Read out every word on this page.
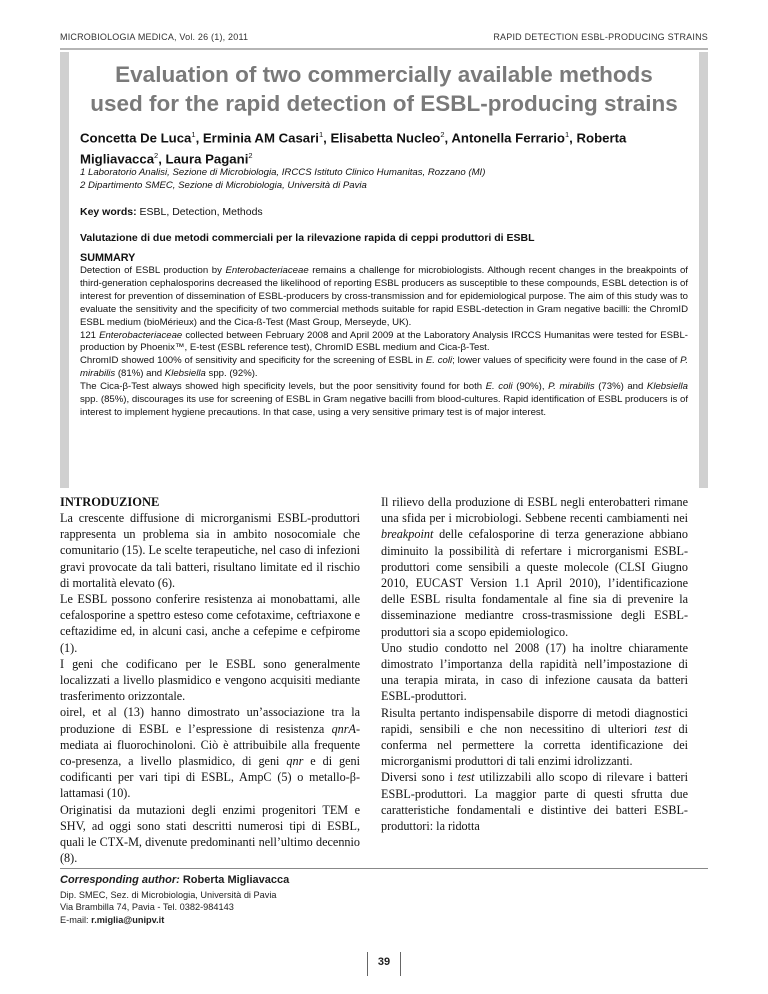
MICROBIOLOGIA MEDICA, Vol. 26 (1), 2011	RAPID DETECTION ESBL-PRODUCING STRAINS
Evaluation of two commercially available methods
used for the rapid detection of ESBL-producing strains
Concetta De Luca$^1$, Erminia AM Casari$^1$, Elisabetta Nucleo$^2$, Antonella Ferrario$^1$, Roberta Migliavacca$^2$, Laura Pagani$^2$
1 Laboratorio Analisi, Sezione di Microbiologia, IRCCS Istituto Clinico Humanitas, Rozzano (MI)
2 Dipartimento SMEC, Sezione di Microbiologia, Università di Pavia
Key words: ESBL, Detection, Methods
Valutazione di due metodi commerciali per la rilevazione rapida di ceppi produttori di ESBL
SUMMARY

Detection of ESBL production by Enterobacteriaceae remains a challenge for microbiologists. Although recent changes in the breakpoints of third-generation cephalosporins decreased the likelihood of reporting ESBL producers as susceptible to these compounds, ESBL detection is of interest for prevention of dissemination of ESBL-producers by cross-transmission and for epidemiological purpose. The aim of this study was to evaluate the sensitivity and the specificity of two commercial methods suitable for rapid ESBL-detection in Gram negative bacilli: the ChromID ESBL medium (bioMérieux) and the Cica-ß-Test (Mast Group, Merseyde, UK).

121 Enterobacteriaceae collected between February 2008 and April 2009 at the Laboratory Analysis IRCCS Humanitas were tested for ESBL-production by Phoenix™, E-test (ESBL reference test), ChromID ESBL medium and Cica-β-Test.

ChromID showed 100% of sensitivity and specificity for the screening of ESBL in E. coli; lower values of specificity were found in the case of P. mirabilis (81%) and Klebsiella spp. (92%).

The Cica-β-Test always showed high specificity levels, but the poor sensitivity found for both E. coli (90%), P. mirabilis (73%) and Klebsiella spp. (85%), discourages its use for screening of ESBL in Gram negative bacilli from blood-cultures. Rapid identification of ESBL producers is of interest to implement hygiene precautions. In that case, using a very sensitive primary test is of major interest.

INTRODUZIONE

La crescente diffusione di microrganismi ESBL-produttori rappresenta un problema sia in ambito nosocomiale che comunitario (15). Le scelte terapeutiche, nel caso di infezioni gravi provocate da tali batteri, risultano limitate ed il rischio di mortalità elevato (6).

Le ESBL possono conferire resistenza ai monobattami, alle cefalosporine a spettro esteso come cefotaxime, ceftriaxone e ceftazidime ed, in alcuni casi, anche a cefepime e cefpirome (1).

I geni che codificano per le ESBL sono generalmente localizzati a livello plasmidico e vengono acquisiti mediante trasferimento orizzontale.

oirel, et al (13) hanno dimostrato un’associazione tra la produzione di ESBL e l’espressione di resistenza qnrA-mediata ai fluorochinoloni. Ciò è attribuibile alla frequente co-presenza, a livello plasmidico, di geni qnr e di geni codificanti per vari tipi di ESBL, AmpC (5) o metallo-β-lattamasi (10).

Originatisi da mutazioni degli enzimi progenitori TEM e SHV, ad oggi sono stati descritti numerosi tipi di ESBL, quali le CTX-M, divenute predominanti nell’ultimo decennio (8).

Il rilievo della produzione di ESBL negli enterobatteri rimane una sfida per i microbiologi. Sebbene recenti cambiamenti nei breakpoint delle cefalosporine di terza generazione abbiano diminuito la possibilità di refertare i microrganismi ESBL-produttori come sensibili a queste molecole (CLSI Giugno 2010, EUCAST Version 1.1 April 2010), l’identificazione delle ESBL risulta fondamentale al fine sia di prevenire la disseminazione mediantre cross-trasmissione degli ESBL-produttori sia a scopo epidemiologico.

Uno studio condotto nel 2008 (17) ha inoltre chiaramente dimostrato l’importanza della rapidità nell’impostazione di una terapia mirata, in caso di infezione causata da batteri ESBL-produttori.

Risulta pertanto indispensabile disporre di metodi diagnostici rapidi, sensibili e che non necessitino di ulteriori test di conferma nel permettere la corretta identificazione dei microrganismi produttori di tali enzimi idrolizzanti.

Diversi sono i test utilizzabili allo scopo di rilevare i batteri ESBL-produttori. La maggior parte di questi sfrutta due caratteristiche fondamentali e distintive dei batteri ESBL-produttori: la ridotta

Corresponding author: Roberta Migliavacca
Dip. SMEC, Sez. di Microbiologia, Università di Pavia
Via Brambilla 74, Pavia - Tel. 0382-984143
E-mail: r.miglia@unipv.it
39
